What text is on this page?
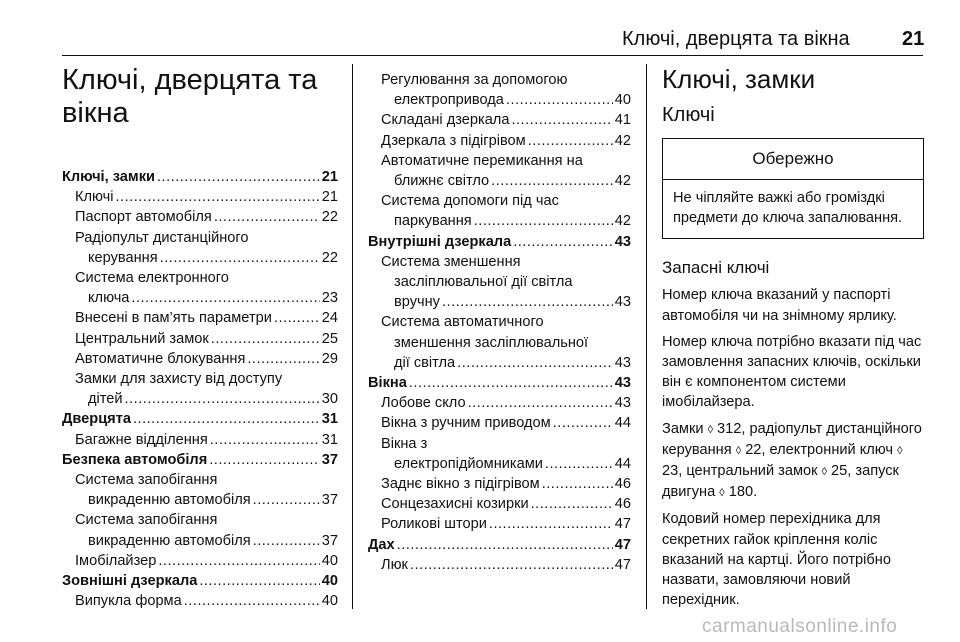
Ключі, дверцята та вікна	21
Ключі, дверцята та
вікна
Ключі, замки .....	21
Ключі .....	21
Паспорт автомобіля .....	22
Радіопульт дистанційного
керування .....	22
Система електронного
ключа .....	23
Внесені в пам’ять параметри .....	24
Центральний замок .....	25
Автоматичне блокування .....	29
Замки для захисту від доступу
дітей .....	30
Дверцята .....	31
Багажне відділення .....	31
Безпека автомобіля .....	37
Система запобігання
викраденню автомобіля .....	37
Система запобігання
викраденню автомобіля .....	37
Імобілайзер .....	40
Зовнішні дзеркала .....	40
Випукла форма .....	40
Регулювання за допомогою
електропривода .....	40
Складані дзеркала .....	41
Дзеркала з підігрівом .....	42
Автоматичне перемикання на
ближнє світло .....	42
Система допомоги під час
паркування .....	42
Внутрішні дзеркала .....	43
Система зменшення
засліплювальної дії світла
вручну .....	43
Система автоматичного
зменшення засліплювальної
дії світла .....	43
Вікна .....	43
Лобове скло .....	43
Вікна з ручним приводом .....	44
Вікна з
електропідйомниками .....	44
Заднє вікно з підігрівом .....	46
Сонцезахисні козирки .....	46
Роликові штори .....	47
Дах .....	47
Люк .....	47
Ключі, замки
Ключі
Обережно
Не чіпляйте важкі або громіздкі предмети до ключа запалювання.
Запасні ключі

Номер ключа вказаний у паспорті автомобіля чи на знімному ярлику.

Номер ключа потрібно вказати під час замовлення запасних ключів, оскільки він є компонентом системи імобілайзера.

Замки ◊ 312, радіопульт дистанційного керування ◊ 22, електронний ключ ◊ 23, центральний замок ◊ 25, запуск двигуна ◊ 180.

Кодовий номер перехідника для секретних гайок кріплення коліс вказаний на картці. Його потрібно назвати, замовляючи новий перехідник.

carmanualsonline.info
